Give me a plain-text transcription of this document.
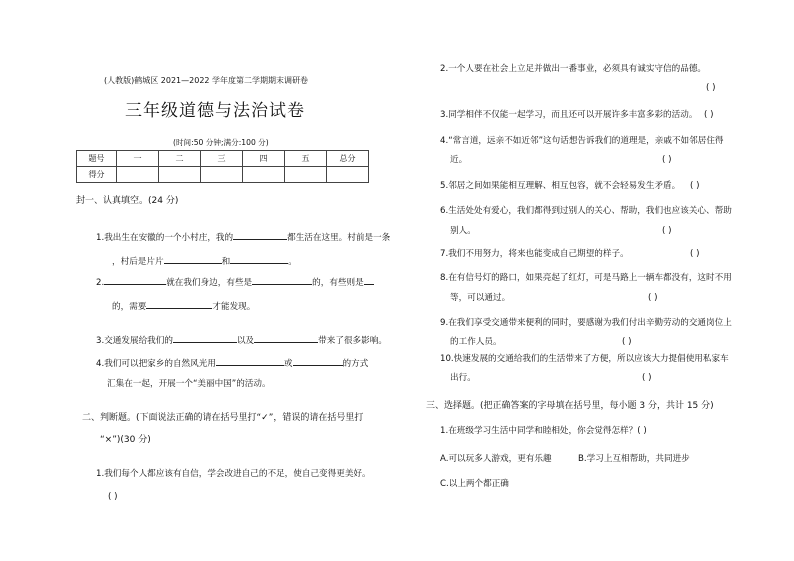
(人教版)鹤城区 2021—2022 学年度第二学期期末调研卷
三年级道德与法治试卷
(时间:50 分钟;满分:100 分)
题号	一	二	三	四	五	总分
得分						
封一、认真填空。(24 分)
1.我出生在安徽的一个小村庄，我的	都生活在这里。村前是一条
，村后是片片	和	。
2.	就在我们身边，有些是	的，有些则是
的，需要	才能发现。
3.交通发展给我们的	以及	带来了很多影响。
4.我们可以把家乡的自然风光用	或	的方式
汇集在一起，开展一个“美丽中国”的活动。
二、判断题。(下面说法正确的请在括号里打“✓”，错误的请在括号里打
“×”)(30 分)
1.我们每个人都应该有自信，学会改进自己的不足，使自己变得更美好。
( )
2.一个人要在社会上立足并做出一番事业，必须具有诚实守信的品德。
( )
3.同学相伴不仅能一起学习，而且还可以开展许多丰富多彩的活动。 ( )
4.“常言道，远亲不如近邻”这句话想告诉我们的道理是，亲戚不如邻居住得
近。	( )
5.邻居之间如果能相互理解、相互包容，就不会轻易发生矛盾。 ( )
6.生活处处有爱心，我们都得到过别人的关心、帮助，我们也应该关心、帮助
别人。	( )
7.我们不用努力，将来也能变成自己期望的样子。	( )
8.在有信号灯的路口，如果亮起了红灯，可是马路上一辆车都没有，这时不用
等，可以通过。	( )
9.在我们享受交通带来便利的同时，要感谢为我们付出辛勤劳动的交通岗位上
的工作人员。	( )
10.快速发展的交通给我们的生活带来了方便，所以应该大力提倡使用私家车
出行。	( )
三、选择题。(把正确答案的字母填在括号里，每小题 3 分，共计 15 分)
1.在班级学习生活中同学和睦相处，你会觉得怎样？( )
A.可以玩多人游戏，更有乐趣	B.学习上互相帮助，共同进步
C.以上两个都正确
